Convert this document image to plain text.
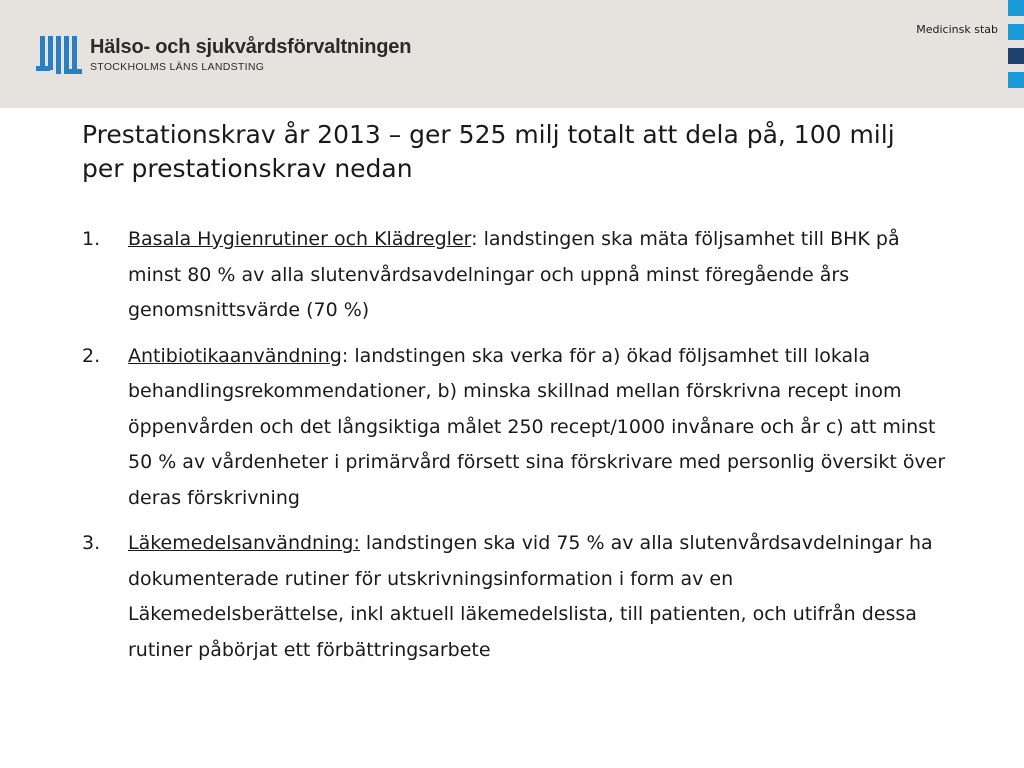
Hälso- och sjukvårdsförvaltningen
STOCKHOLMS LÄNS LANDSTING
Medicinsk stab
Prestationskrav år 2013 – ger 525 milj totalt att dela på, 100 milj per prestationskrav nedan
1.	Basala Hygienrutiner och Klädregler: landstingen ska mäta följsamhet till BHK på minst 80 % av alla slutenvårdsavdelningar och uppnå minst föregående års genomsnittsvärde (70 %)
2.	Antibiotikaanvändning: landstingen ska verka för a) ökad följsamhet till lokala behandlingsrekommendationer, b) minska skillnad mellan förskrivna recept inom öppenvården och det långsiktiga målet 250 recept/1000 invånare och år c) att minst 50 % av vårdenheter i primärvård försett sina förskrivare med personlig översikt över deras förskrivning
3.	Läkemedelsanvändning: landstingen ska vid 75 % av alla slutenvårdsavdelningar ha dokumenterade rutiner för utskrivningsinformation i form av en Läkemedelsberättelse, inkl aktuell läkemedelslista, till patienten, och utifrån dessa rutiner påbörjat ett förbättringsarbete
